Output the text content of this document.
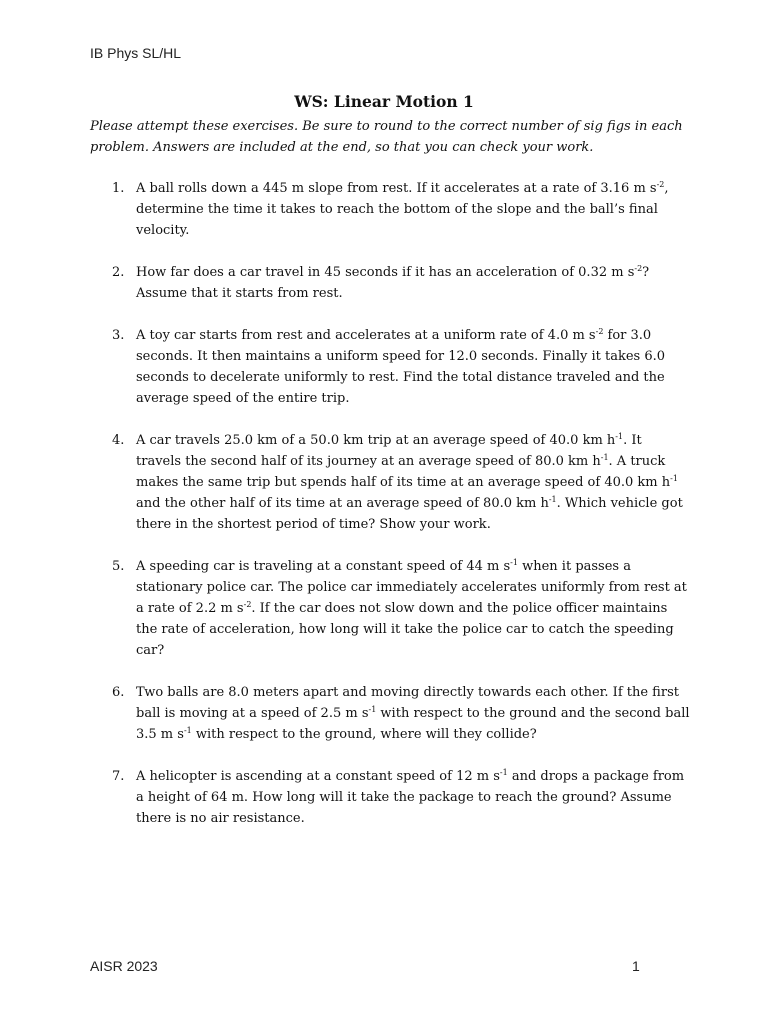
IB Phys SL/HL
WS: Linear Motion 1
Please attempt these exercises. Be sure to round to the correct number of sig figs in each problem. Answers are included at the end, so that you can check your work.
1. A ball rolls down a 445 m slope from rest. If it accelerates at a rate of 3.16 m $s^{-2}$, determine the time it takes to reach the bottom of the slope and the ball’s final velocity.
2. How far does a car travel in 45 seconds if it has an acceleration of 0.32 m $s^{-2}$? Assume that it starts from rest.
3. A toy car starts from rest and accelerates at a uniform rate of 4.0 m $s^{-2}$ for 3.0 seconds. It then maintains a uniform speed for 12.0 seconds. Finally it takes 6.0 seconds to decelerate uniformly to rest. Find the total distance traveled and the average speed of the entire trip.
4. A car travels 25.0 km of a 50.0 km trip at an average speed of 40.0 km $h^{-1}$. It travels the second half of its journey at an average speed of 80.0 km $h^{-1}$. A truck makes the same trip but spends half of its time at an average speed of 40.0 km $h^{-1}$ and the other half of its time at an average speed of 80.0 km $h^{-1}$. Which vehicle got there in the shortest period of time? Show your work.
5. A speeding car is traveling at a constant speed of 44 m $s^{-1}$ when it passes a stationary police car. The police car immediately accelerates uniformly from rest at a rate of 2.2 m $s^{-2}$. If the car does not slow down and the police officer maintains the rate of acceleration, how long will it take the police car to catch the speeding car?
6. Two balls are 8.0 meters apart and moving directly towards each other. If the first ball is moving at a speed of 2.5 m $s^{-1}$ with respect to the ground and the second ball 3.5 m $s^{-1}$ with respect to the ground, where will they collide?
7. A helicopter is ascending at a constant speed of 12 m $s^{-1}$ and drops a package from a height of 64 m. How long will it take the package to reach the ground? Assume there is no air resistance.
AISR 2023	1
